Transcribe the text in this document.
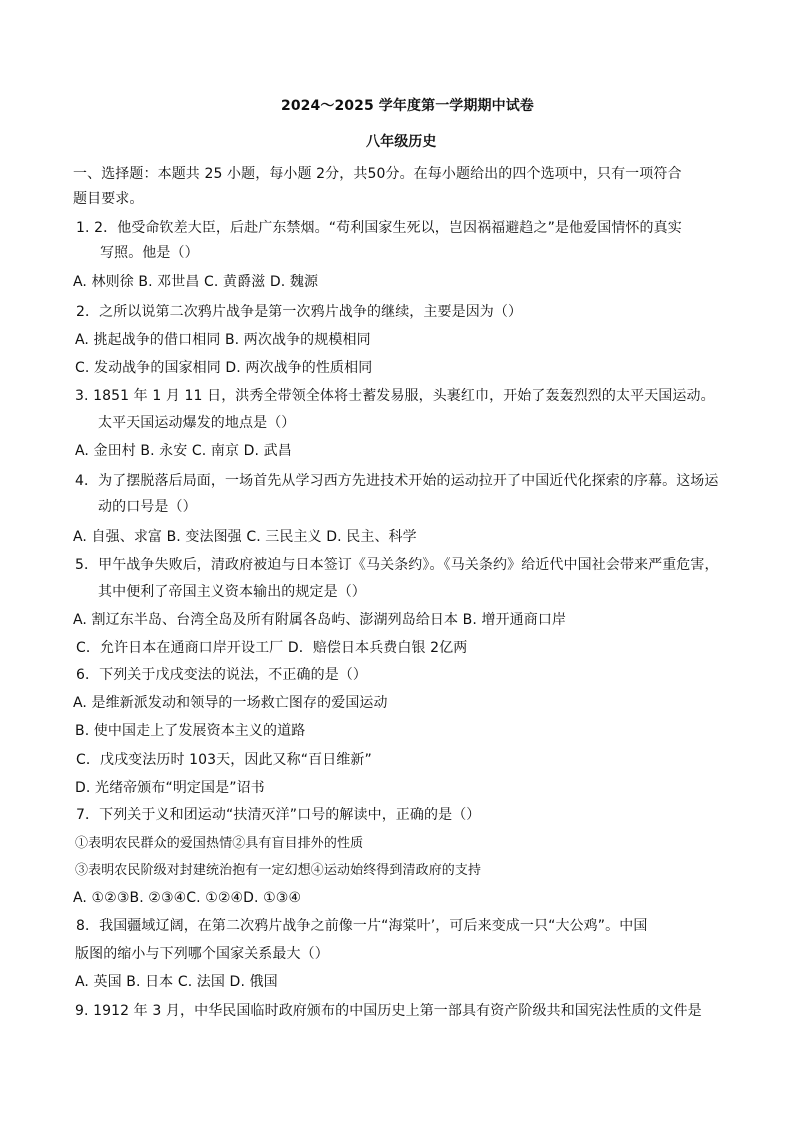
2024～2025 学年度第一学期期中试卷
八年级历史
一、选择题：本题共 25 小题，每小题 2分，共50分。在每小题给出的四个选项中，只有一项符合
题目要求。
1. 2．他受命钦差大臣，后赴广东禁烟。“苟利国家生死以，岂因祸福避趋之”是他爱国情怀的真实
写照。他是（）
A. 林则徐 B. 邓世昌 C. 黄爵滋 D. 魏源
2．之所以说第二次鸦片战争是第一次鸦片战争的继续，主要是因为（）
A. 挑起战争的借口相同 B. 两次战争的规模相同
C. 发动战争的国家相同 D. 两次战争的性质相同
3. 1851 年 1 月 11 日，洪秀全带领全体将士蓄发易服，头裹红巾，开始了轰轰烈烈的太平天国运动。
太平天国运动爆发的地点是（）
A. 金田村 B. 永安 C. 南京 D. 武昌
4．为了摆脱落后局面，一场首先从学习西方先进技术开始的运动拉开了中国近代化探索的序幕。这场运
动的口号是（）
A. 自强、求富 B. 变法图强 C. 三民主义 D. 民主、科学
5．甲午战争失败后，清政府被迫与日本签订《马关条约》。《马关条约》给近代中国社会带来严重危害，
其中便利了帝国主义资本输出的规定是（）
A. 割辽东半岛、台湾全岛及所有附属各岛屿、澎湖列岛给日本 B. 增开通商口岸
C．允许日本在通商口岸开设工厂 D．赔偿日本兵费白银 2亿两
6．下列关于戊戌变法的说法，不正确的是（）
A. 是维新派发动和领导的一场救亡图存的爱国运动
B. 使中国走上了发展资本主义的道路
C．戊戌变法历时 103天，因此又称“百日维新”
D. 光绪帝颁布“明定国是”诏书
7．下列关于义和团运动“扶清灭洋”口号的解读中，正确的是（）
①表明农民群众的爱国热情②具有盲目排外的性质
③表明农民阶级对封建统治抱有一定幻想④运动始终得到清政府的支持
A. ①②③B. ②③④C. ①②④D. ①③④
8．我国疆域辽阔，在第二次鸦片战争之前像一片“海棠叶’，可后来变成一只“大公鸡”。中国
版图的缩小与下列哪个国家关系最大（）
A. 英国 B. 日本 C. 法国 D. 俄国
9. 1912 年 3 月，中华民国临时政府颁布的中国历史上第一部具有资产阶级共和国宪法性质的文件是
